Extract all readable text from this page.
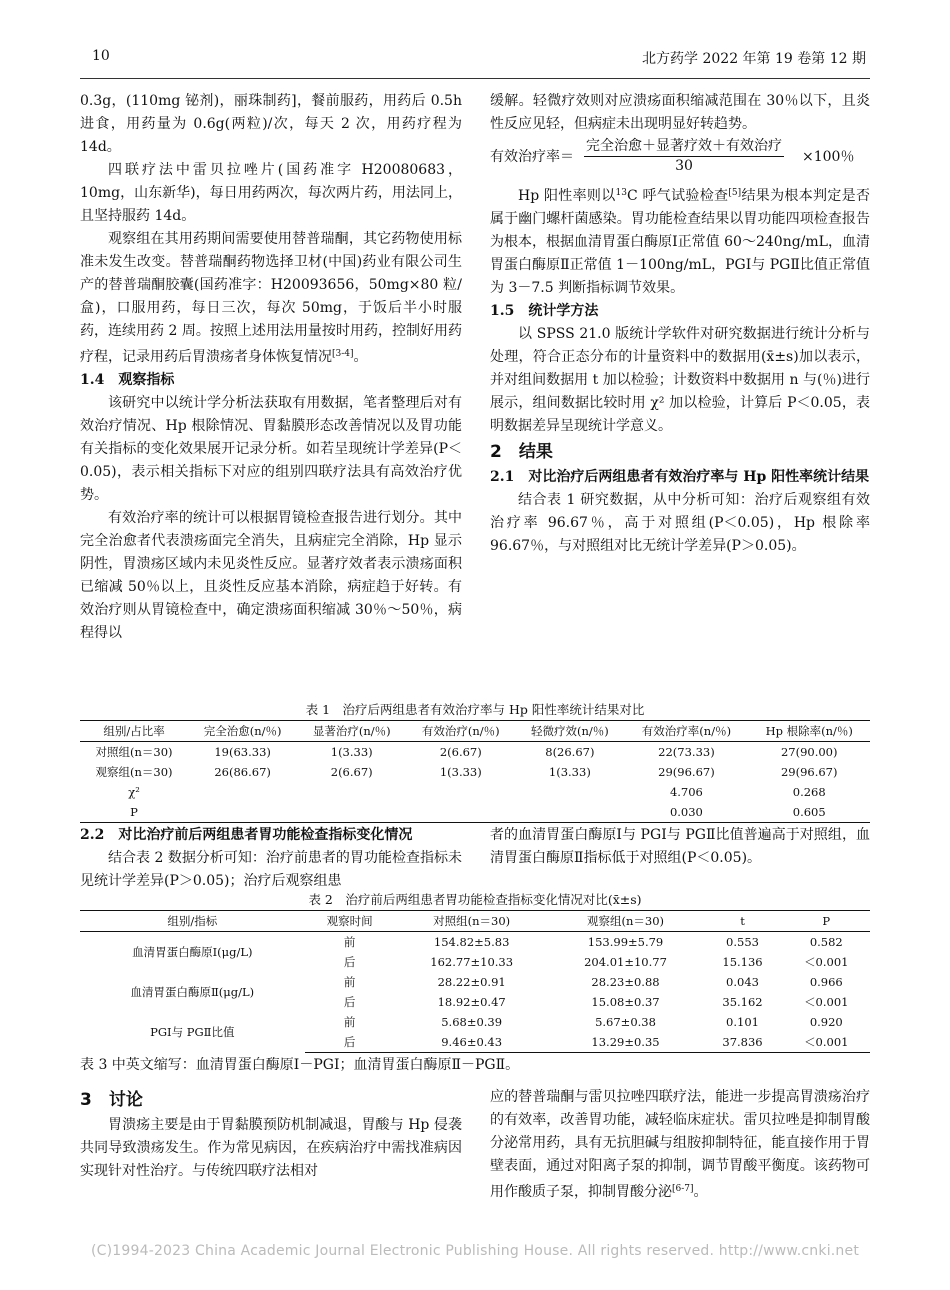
10	北方药学 2022 年第 19 卷第 12 期

0.3g，(110mg 铋剂)，丽珠制药]，餐前服药，用药后 0.5h 进食，用药量为 0.6g(两粒)/次，每天 2 次，用药疗程为 14d。

四联疗法中雷贝拉唑片(国药准字 H20080683，10mg，山东新华)，每日用药两次，每次两片药，用法同上，且坚持服药 14d。

观察组在其用药期间需要使用替普瑞酮，其它药物使用标准未发生改变。替普瑞酮药物选择卫材(中国)药业有限公司生产的替普瑞酮胶囊(国药准字：H20093656，50mg×80 粒/盒)，口服用药，每日三次，每次 50mg，于饭后半小时服药，连续用药 2 周。按照上述用法用量按时用药，控制好用药疗程，记录用药后胃溃疡者身体恢复情况[3-4]。

1.4　观察指标

该研究中以统计学分析法获取有用数据，笔者整理后对有效治疗情况、Hp 根除情况、胃黏膜形态改善情况以及胃功能有关指标的变化效果展开记录分析。如若呈现统计学差异(P＜0.05)，表示相关指标下对应的组别四联疗法具有高效治疗优势。

有效治疗率的统计可以根据胃镜检查报告进行划分。其中完全治愈者代表溃疡面完全消失，且病症完全消除，Hp 显示阴性，胃溃疡区域内未见炎性反应。显著疗效者表示溃疡面积已缩减 50％以上，且炎性反应基本消除，病症趋于好转。有效治疗则从胃镜检查中，确定溃疡面积缩减 30％～50％，病程得以

缓解。轻微疗效则对应溃疡面积缩减范围在 30％以下，且炎性反应见轻，但病症未出现明显好转趋势。

有效治疗率＝
完全治愈＋显著疗效＋有效治疗
30
×100％

Hp 阳性率则以$^{13}$C 呼气试验检查[5]结果为根本判定是否属于幽门螺杆菌感染。胃功能检查结果以胃功能四项检查报告为根本，根据血清胃蛋白酶原Ⅰ正常值 60～240ng/mL，血清胃蛋白酶原Ⅱ正常值 1－100ng/mL，PGⅠ与 PGⅡ比值正常值为 3－7.5 判断指标调节效果。

1.5　统计学方法

以 SPSS 21.0 版统计学软件对研究数据进行统计分析与处理，符合正态分布的计量资料中的数据用(x̄±s)加以表示，并对组间数据用 t 加以检验；计数资料中数据用 n 与(％)进行展示，组间数据比较时用 χ² 加以检验，计算后 P＜0.05，表明数据差异呈现统计学意义。

2　结果

2.1　对比治疗后两组患者有效治疗率与 Hp 阳性率统计结果

结合表 1 研究数据，从中分析可知：治疗后观察组有效治疗率 96.67％，高于对照组(P＜0.05)，Hp 根除率 96.67％，与对照组对比无统计学差异(P＞0.05)。

表 1　治疗后两组患者有效治疗率与 Hp 阳性率统计结果对比
组别/占比率	完全治愈(n/％)	显著治疗(n/％)	有效治疗(n/％)	轻微疗效(n/％)	有效治疗率(n/％)	Hp 根除率(n/％)
对照组(n＝30)	19(63.33)	1(3.33)	2(6.67)	8(26.67)	22(73.33)	27(90.00)
观察组(n＝30)	26(86.67)	2(6.67)	1(3.33)	1(3.33)	29(96.67)	29(96.67)
χ²					4.706	0.268
P					0.030	0.605

2.2　对比治疗前后两组患者胃功能检查指标变化情况

结合表 2 数据分析可知：治疗前患者的胃功能检查指标未见统计学差异(P＞0.05)；治疗后观察组患

者的血清胃蛋白酶原Ⅰ与 PGⅠ与 PGⅡ比值普遍高于对照组，血清胃蛋白酶原Ⅱ指标低于对照组(P＜0.05)。

表 2　治疗前后两组患者胃功能检查指标变化情况对比(x̄±s)
组别/指标	观察时间	对照组(n＝30)	观察组(n＝30)	t	P
血清胃蛋白酶原Ⅰ(μg/L)	前	154.82±5.83	153.99±5.79	0.553	0.582
	后	162.77±10.33	204.01±10.77	15.136	＜0.001
血清胃蛋白酶原Ⅱ(μg/L)	前	28.22±0.91	28.23±0.88	0.043	0.966
	后	18.92±0.47	15.08±0.37	35.162	＜0.001
PGⅠ与 PGⅡ比值	前	5.68±0.39	5.67±0.38	0.101	0.920
	后	9.46±0.43	13.29±0.35	37.836	＜0.001
表 3 中英文缩写：血清胃蛋白酶原Ⅰ－PGI；血清胃蛋白酶原Ⅱ－PGⅡ。

3　讨论

胃溃疡主要是由于胃黏膜预防机制减退，胃酸与 Hp 侵袭共同导致溃疡发生。作为常见病因，在疾病治疗中需找准病因实现针对性治疗。与传统四联疗法相对

应的替普瑞酮与雷贝拉唑四联疗法，能进一步提高胃溃疡治疗的有效率，改善胃功能，减轻临床症状。雷贝拉唑是抑制胃酸分泌常用药，具有无抗胆碱与组胺抑制特征，能直接作用于胃壁表面，通过对阳离子泵的抑制，调节胃酸平衡度。该药物可用作酸质子泵，抑制胃酸分泌[6-7]。

(C)1994-2023 China Academic Journal Electronic Publishing House. All rights reserved. http://www.cnki.net
